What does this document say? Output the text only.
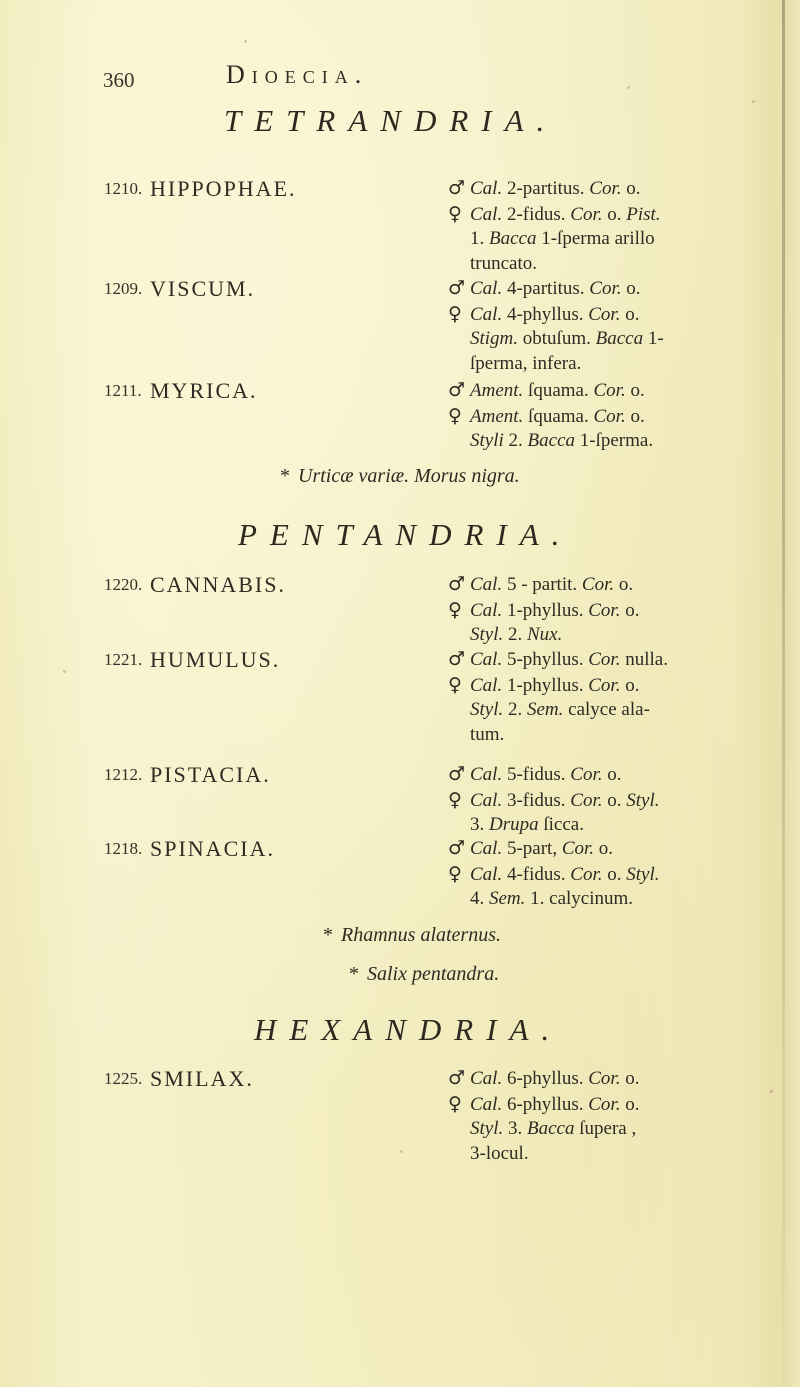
360	Dioecia.
TETRANDRIA.
1210. HIPPOPHAE.	♂ Cal. 2-partitus. Cor. o.
♀ Cal. 2-fidus. Cor. o. Pist.
1. Bacca 1-ſperma arillo
truncato.
1209. VISCUM.	♂ Cal. 4-partitus. Cor. o.
♀ Cal. 4-phyllus. Cor. o.
Stigm. obtuſum. Bacca 1-
ſperma, infera.
1211. MYRICA.	♂ Ament. ſquama. Cor. o.
♀ Ament. ſquama. Cor. o.
Styli 2. Bacca 1-ſperma.
* Urticæ variæ. Morus nigra.
PENTANDRIA.
1220. CANNABIS.	♂ Cal. 5 - partit. Cor. o.
♀ Cal. 1-phyllus. Cor. o.
Styl. 2. Nux.
1221. HUMULUS.	♂ Cal. 5-phyllus. Cor. nulla.
♀ Cal. 1-phyllus. Cor. o.
Styl. 2. Sem. calyce ala-
tum.
1212. PISTACIA.	♂ Cal. 5-fidus. Cor. o.
♀ Cal. 3-fidus. Cor. o. Styl.
3. Drupa ſicca.
1218. SPINACIA.	♂ Cal. 5-part, Cor. o.
♀ Cal. 4-fidus. Cor. o. Styl.
4. Sem. 1. calycinum.
* Rhamnus alaternus.
* Salix pentandra.
HEXANDRIA.
1225. SMILAX.	♂ Cal. 6-phyllus. Cor. o.
♀ Cal. 6-phyllus. Cor. o.
Styl. 3. Bacca ſupera ,
3-locul.
